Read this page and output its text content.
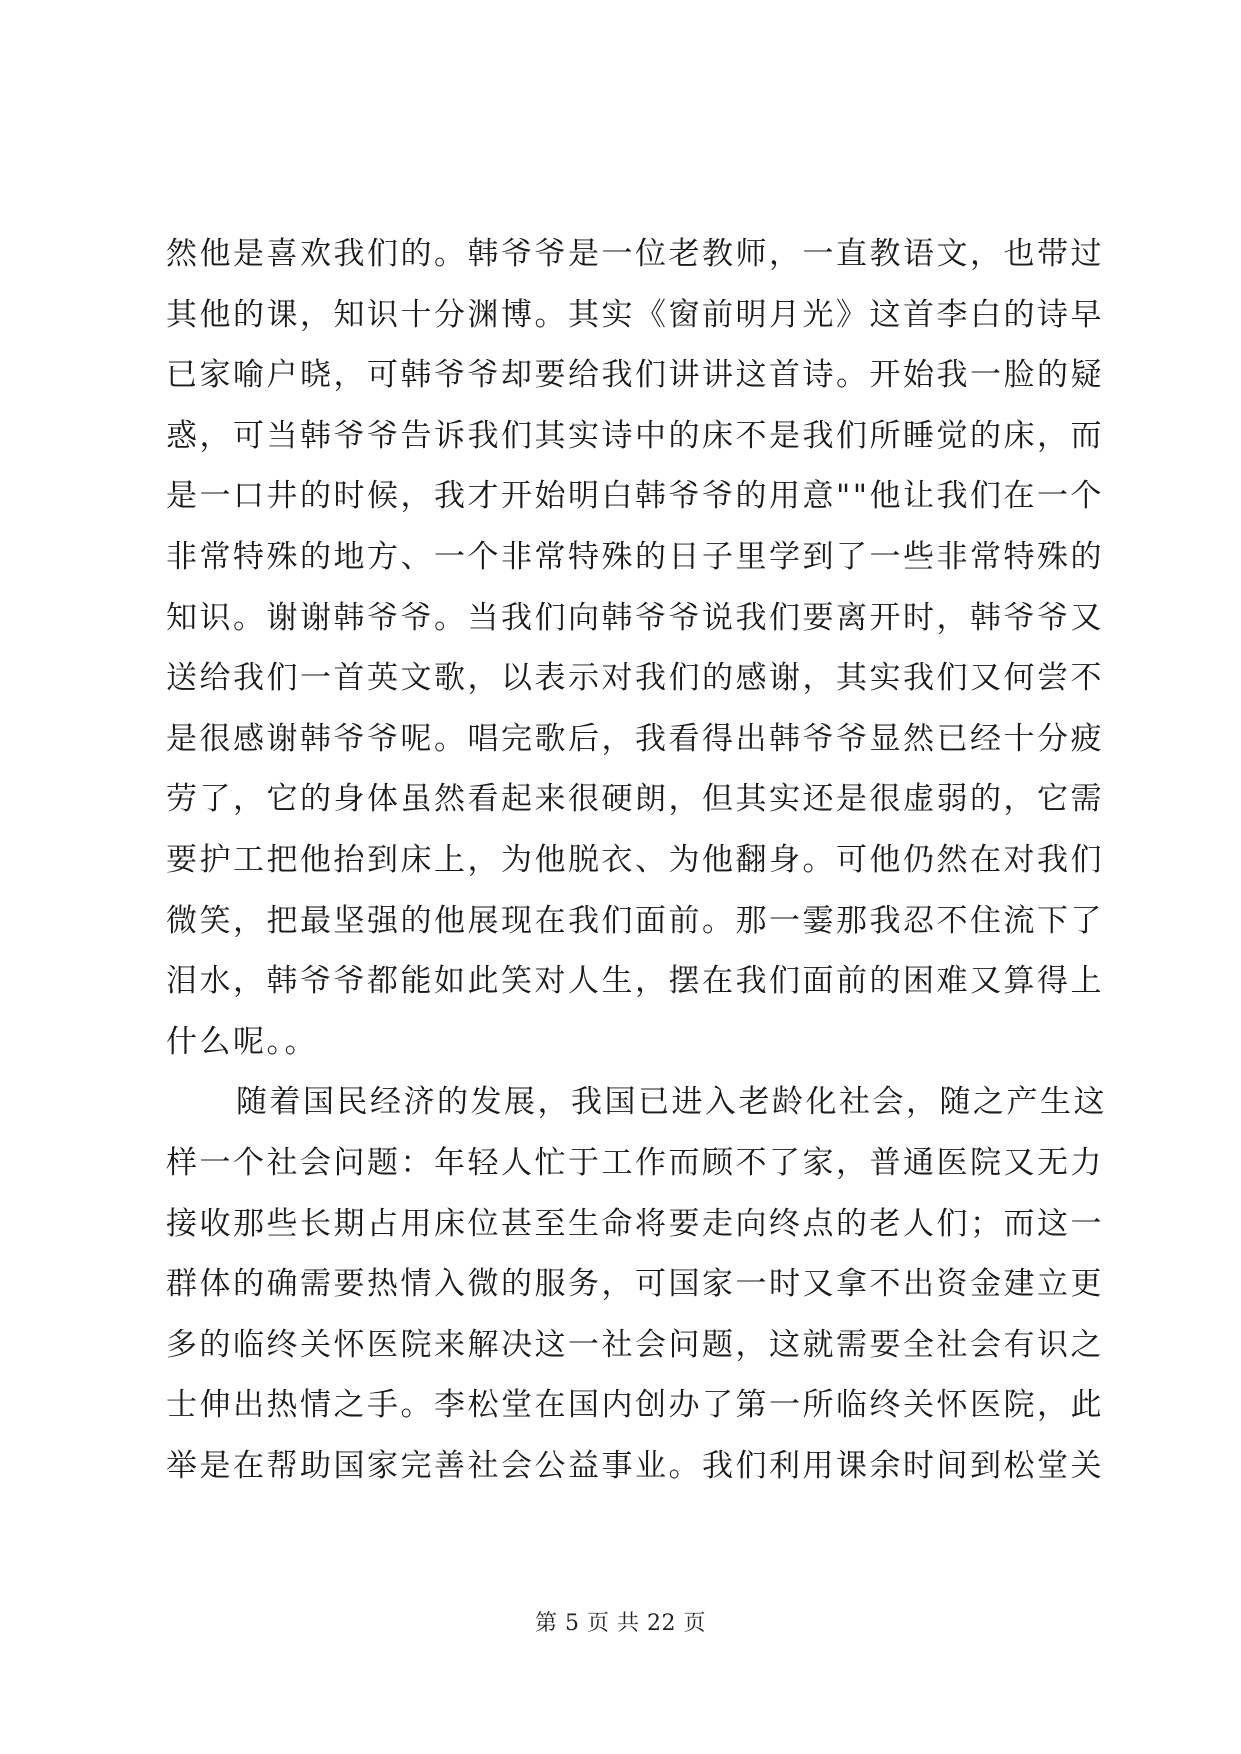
然他是喜欢我们的。韩爷爷是一位老教师，一直教语文，也带过
其他的课，知识十分渊博。其实《窗前明月光》这首李白的诗早
已家喻户晓，可韩爷爷却要给我们讲讲这首诗。开始我一脸的疑
惑，可当韩爷爷告诉我们其实诗中的床不是我们所睡觉的床，而
是一口井的时候，我才开始明白韩爷爷的用意""他让我们在一个
非常特殊的地方、一个非常特殊的日子里学到了一些非常特殊的
知识。谢谢韩爷爷。当我们向韩爷爷说我们要离开时，韩爷爷又
送给我们一首英文歌，以表示对我们的感谢，其实我们又何尝不
是很感谢韩爷爷呢。唱完歌后，我看得出韩爷爷显然已经十分疲
劳了，它的身体虽然看起来很硬朗，但其实还是很虚弱的，它需
要护工把他抬到床上，为他脱衣、为他翻身。可他仍然在对我们
微笑，把最坚强的他展现在我们面前。那一霎那我忍不住流下了
泪水，韩爷爷都能如此笑对人生，摆在我们面前的困难又算得上
什么呢。。
随着国民经济的发展，我国已进入老龄化社会，随之产生这
样一个社会问题：年轻人忙于工作而顾不了家，普通医院又无力
接收那些长期占用床位甚至生命将要走向终点的老人们；而这一
群体的确需要热情入微的服务，可国家一时又拿不出资金建立更
多的临终关怀医院来解决这一社会问题，这就需要全社会有识之
士伸出热情之手。李松堂在国内创办了第一所临终关怀医院，此
举是在帮助国家完善社会公益事业。我们利用课余时间到松堂关
第 5 页 共 22 页
